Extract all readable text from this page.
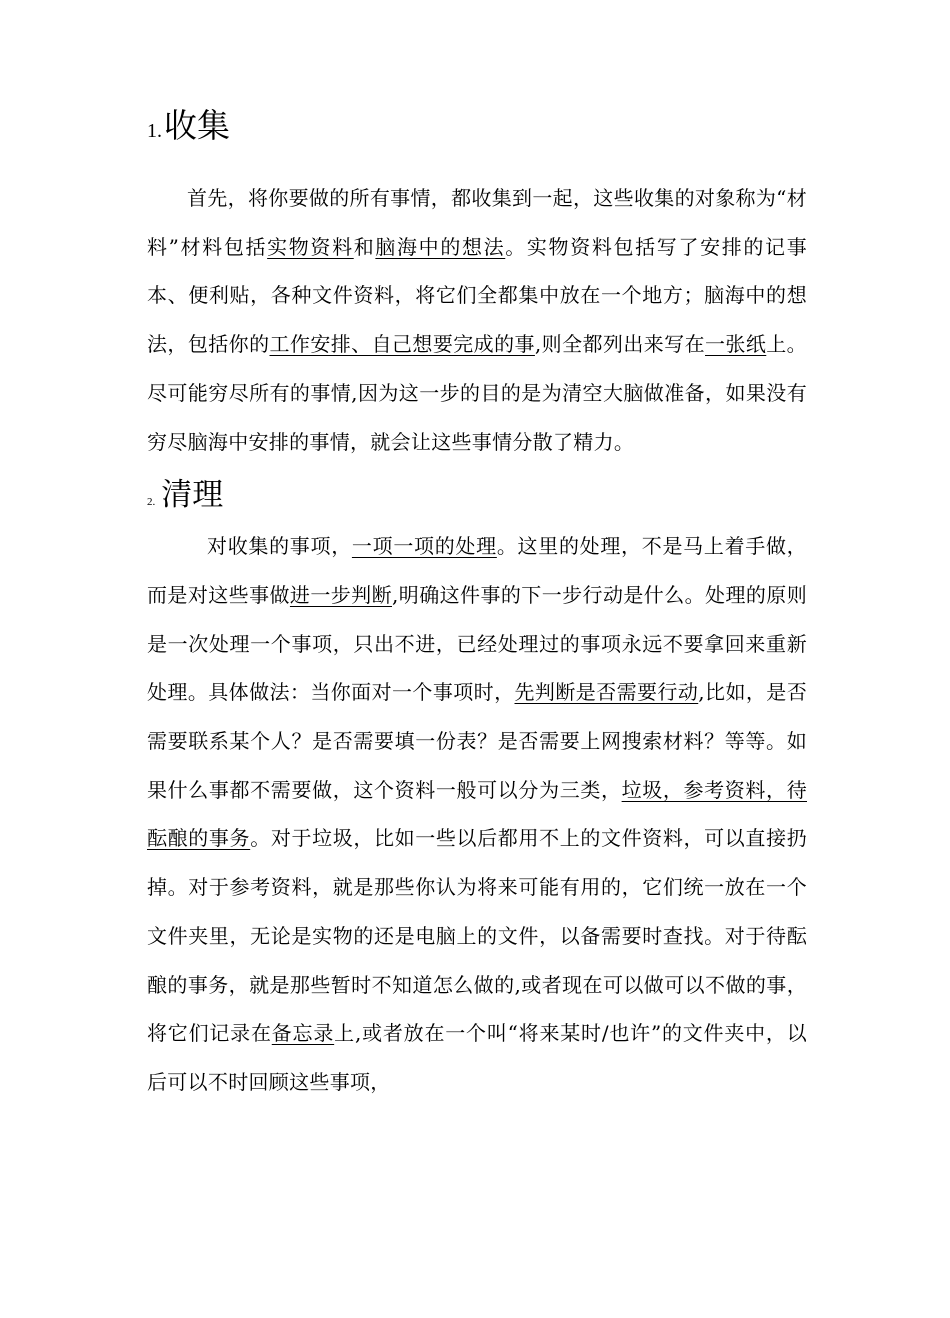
1. 收集

首先，将你要做的所有事情，都收集到一起，这些收集的对象称为“材料”材料包括实物资料和脑海中的想法。实物资料包括写了安排的记事本、便利贴，各种文件资料，将它们全都集中放在一个地方；脑海中的想法，包括你的工作安排、自己想要完成的事,则全都列出来写在一张纸上。尽可能穷尽所有的事情,因为这一步的目的是为清空大脑做准备，如果没有穷尽脑海中安排的事情，就会让这些事情分散了精力。

2. 清理

对收集的事项，一项一项的处理。这里的处理，不是马上着手做，而是对这些事做进一步判断,明确这件事的下一步行动是什么。处理的原则是一次处理一个事项，只出不进，已经处理过的事项永远不要拿回来重新处理。具体做法：当你面对一个事项时，先判断是否需要行动,比如，是否需要联系某个人？是否需要填一份表？是否需要上网搜索材料？等等。如果什么事都不需要做，这个资料一般可以分为三类，垃圾，参考资料，待酝酿的事务。对于垃圾，比如一些以后都用不上的文件资料，可以直接扔掉。对于参考资料，就是那些你认为将来可能有用的，它们统一放在一个文件夹里，无论是实物的还是电脑上的文件，以备需要时查找。对于待酝酿的事务，就是那些暂时不知道怎么做的,或者现在可以做可以不做的事，将它们记录在备忘录上,或者放在一个叫“将来某时/也许”的文件夹中，以后可以不时回顾这些事项，
